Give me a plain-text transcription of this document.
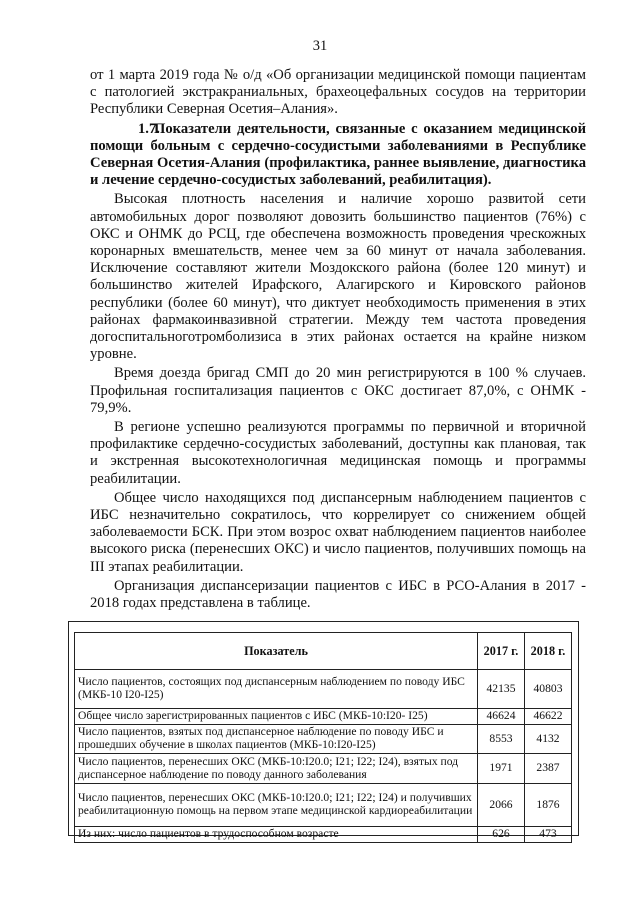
31

от 1 марта 2019 года № о/д «Об организации медицинской помощи пациентам с патологией экстракраниальных, брахеоцефальных сосудов на территории Республики Северная Осетия–Алания».

1.7.Показатели деятельности, связанные с оказанием медицинской помощи больным с сердечно-сосудистыми заболеваниями в Республике Северная Осетия-Алания (профилактика, раннее выявление, диагностика и лечение сердечно-сосудистых заболеваний, реабилитация).

Высокая плотность населения и наличие хорошо развитой сети автомобильных дорог позволяют довозить большинство пациентов (76%) с ОКС и ОНМК до РСЦ, где обеспечена возможность проведения чрескожных коронарных вмешательств, менее чем за 60 минут от начала заболевания. Исключение составляют жители Моздокского района (более 120 минут) и большинство жителей Ирафского, Алагирского и Кировского районов республики (более 60 минут), что диктует необходимость применения в этих районах фармакоинвазивной стратегии. Между тем частота проведения догоспитальноготромболизиса в этих районах остается на крайне низком уровне.

Время доезда бригад СМП до 20 мин регистрируются в 100 % случаев. Профильная госпитализация пациентов с ОКС достигает 87,0%, с ОНМК - 79,9%.

В регионе успешно реализуются программы по первичной и вторичной профилактике сердечно-сосудистых заболеваний, доступны как плановая, так и экстренная высокотехнологичная медицинская помощь и программы реабилитации.

Общее число находящихся под диспансерным наблюдением пациентов с ИБС незначительно сократилось, что коррелирует со снижением общей заболеваемости БСК. При этом возрос охват наблюдением пациентов наиболее высокого риска (перенесших ОКС) и число пациентов, получивших помощь на III этапах реабилитации.

Организация диспансеризации пациентов с ИБС в РСО-Алания в 2017 - 2018 годах представлена в таблице.

Показатель	2017 г.	2018 г.
Число пациентов, состоящих под диспансерным наблюдением по поводу ИБС (МКБ-10 I20-I25)	42135	40803
Общее число зарегистрированных пациентов с ИБС (МКБ-10:I20- I25)	46624	46622
Число пациентов, взятых под диспансерное наблюдение по поводу ИБС и прошедших обучение в школах пациентов (МКБ-10:I20-I25)	8553	4132
Число пациентов, перенесших ОКС (МКБ-10:I20.0; I21; I22; I24), взятых под диспансерное наблюдение по поводу данного заболевания	1971	2387
Число пациентов, перенесших ОКС (МКБ-10:I20.0; I21; I22; I24) и получивших реабилитационную помощь на первом этапе медицинской кардиореабилитации	2066	1876
Из них: число пациентов в трудоспособном возрасте	626	473
